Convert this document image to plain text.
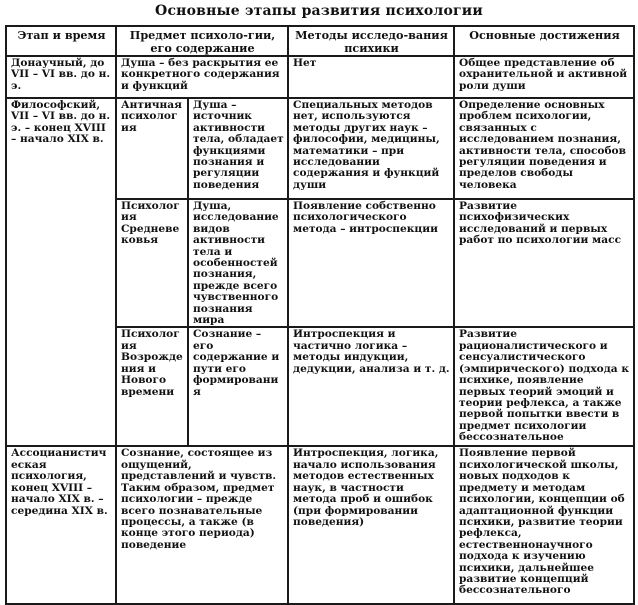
Основные этапы развития психологии
Этап и время	Предмет психоло-гии, его содержание		Методы исследо-вания психики	Основные достижения
Донаучный, до VII – VI вв. до н. э.	Душа – без раскрытия ее конкретного содержания и функций		Нет	Общее представление об охранительной и активной роли души
Философский, VII – VI вв. до н. э. – конец XVIII – начало XIX в.	Античная психология	Душа – источник активности тела, обладает функциями познания и регуляции поведения	Специальных методов нет, используются методы других наук – философии, медицины, математики – при исследовании содержания и функций души	Определение основных проблем психологии, связанных с исследованием познания, активности тела, способов регуляции поведения и пределов свободы человека
	Психология Средневековья	Душа, исследование видов активности тела и особенностей познания, прежде всего чувственного познания мира	Появление собственно психологического метода – интроспекции	Развитие психофизических исследований и первых работ по психологии масс
	Психология Возрождения и Нового времени	Сознание – его содержание и пути его формирования	Интроспекция и частично логика – методы индукции, дедукции, анализа и т. д.	Развитие рационалистического и сенсуалистического (эмпирического) подхода к психике, появление первых теорий эмоций и теории рефлекса, а также первой попытки ввести в предмет психологии бессознательное
Ассоцианистическая психология, конец XVIII – начало XIX в. – середина XIX в.	Сознание, состоящее из ощущений, представлений и чувств. Таким образом, предмет психологии – прежде всего познавательные процессы, а также (в конце этого периода) поведение		Интроспекция, логика, начало использования методов естественных наук, в частности метода проб и ошибок (при формировании поведения)	Появление первой психологической школы, новых подходов к предмету и методам психологии, концепции об адаптационной функции психики, развитие теории рефлекса, естественнонаучного подхода к изучению психики, дальнейшее развитие концепций бессознательного
